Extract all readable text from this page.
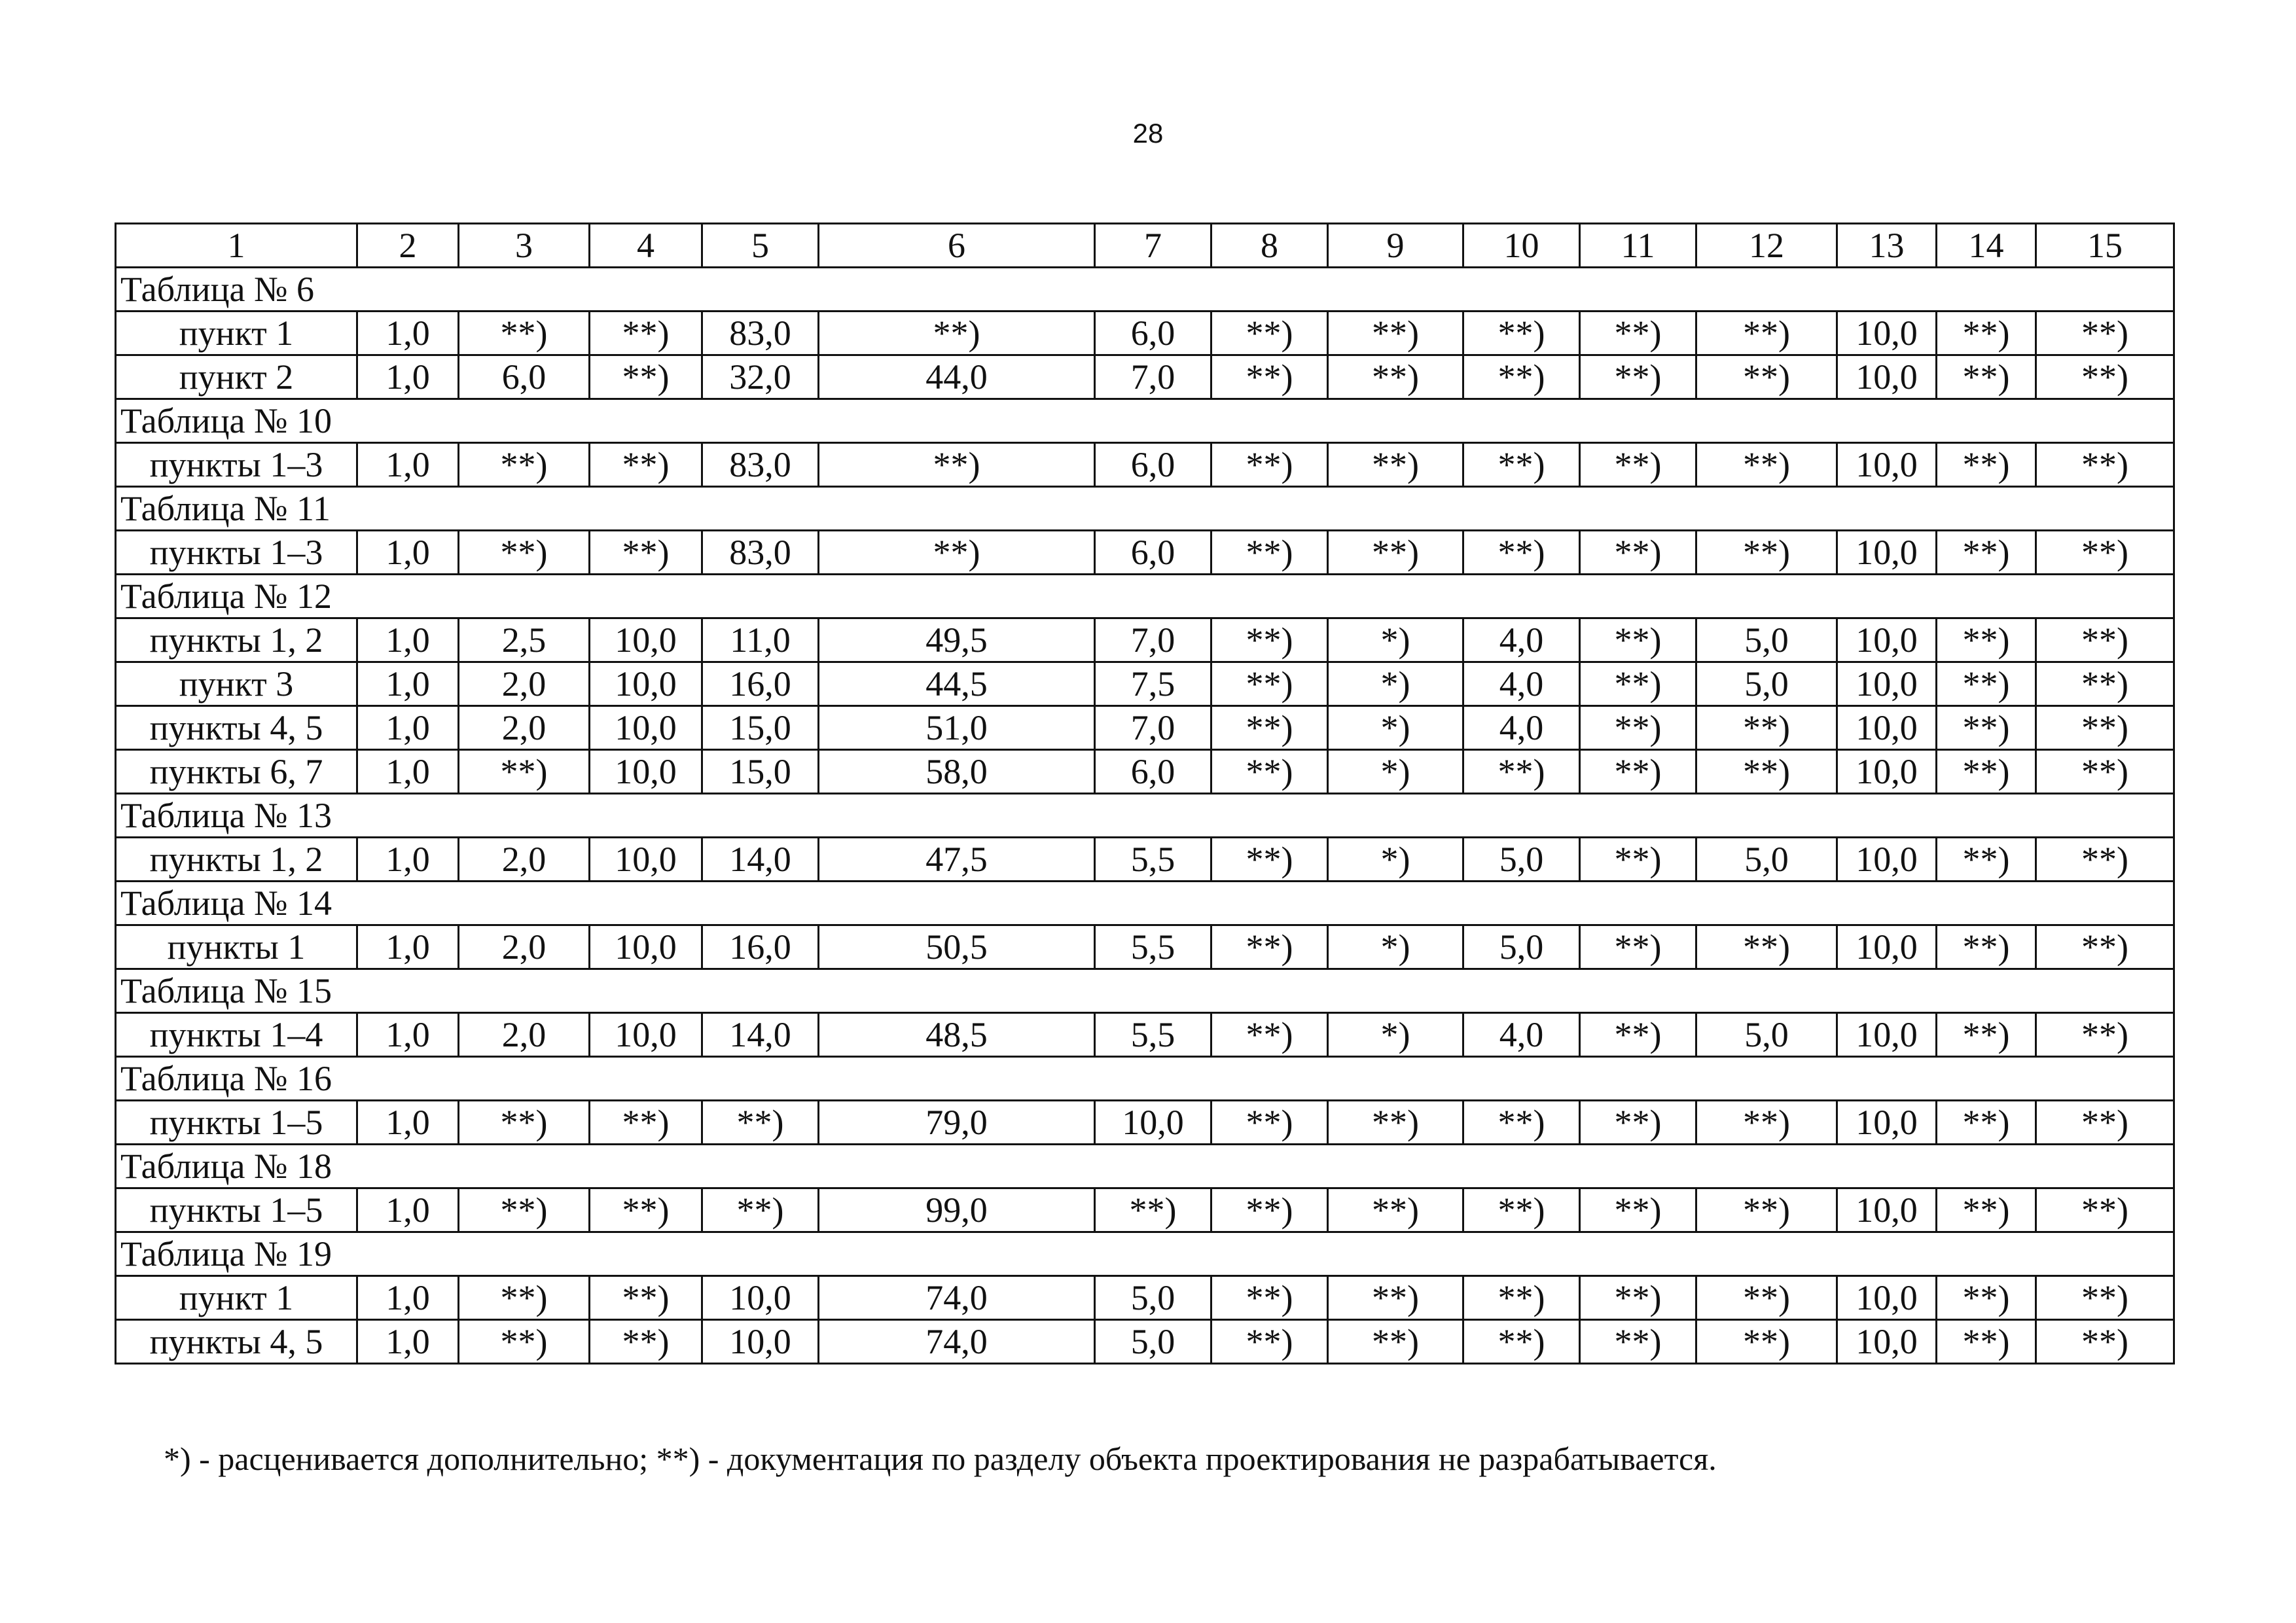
28
1	2	3	4	5	6	7	8	9	10	11	12	13	14	15
Таблица № 6														
пункт 1	1,0	**)	**)	83,0	**)	6,0	**)	**)	**)	**)	**)	10,0	**)	**)
пункт 2	1,0	6,0	**)	32,0	44,0	7,0	**)	**)	**)	**)	**)	10,0	**)	**)
Таблица № 10														
пункты 1–3	1,0	**)	**)	83,0	**)	6,0	**)	**)	**)	**)	**)	10,0	**)	**)
Таблица № 11														
пункты 1–3	1,0	**)	**)	83,0	**)	6,0	**)	**)	**)	**)	**)	10,0	**)	**)
Таблица № 12														
пункты 1, 2	1,0	2,5	10,0	11,0	49,5	7,0	**)	*)	4,0	**)	5,0	10,0	**)	**)
пункт 3	1,0	2,0	10,0	16,0	44,5	7,5	**)	*)	4,0	**)	5,0	10,0	**)	**)
пункты 4, 5	1,0	2,0	10,0	15,0	51,0	7,0	**)	*)	4,0	**)	**)	10,0	**)	**)
пункты 6, 7	1,0	**)	10,0	15,0	58,0	6,0	**)	*)	**)	**)	**)	10,0	**)	**)
Таблица № 13														
пункты 1, 2	1,0	2,0	10,0	14,0	47,5	5,5	**)	*)	5,0	**)	5,0	10,0	**)	**)
Таблица № 14														
пункты 1	1,0	2,0	10,0	16,0	50,5	5,5	**)	*)	5,0	**)	**)	10,0	**)	**)
Таблица № 15														
пункты 1–4	1,0	2,0	10,0	14,0	48,5	5,5	**)	*)	4,0	**)	5,0	10,0	**)	**)
Таблица № 16														
пункты 1–5	1,0	**)	**)	**)	79,0	10,0	**)	**)	**)	**)	**)	10,0	**)	**)
Таблица № 18														
пункты 1–5	1,0	**)	**)	**)	99,0	**)	**)	**)	**)	**)	**)	10,0	**)	**)
Таблица № 19														
пункт 1	1,0	**)	**)	10,0	74,0	5,0	**)	**)	**)	**)	**)	10,0	**)	**)
пункты 4, 5	1,0	**)	**)	10,0	74,0	5,0	**)	**)	**)	**)	**)	10,0	**)	**)
*) - расценивается дополнительно; **) - документация по разделу объекта проектирования не разрабатывается.
